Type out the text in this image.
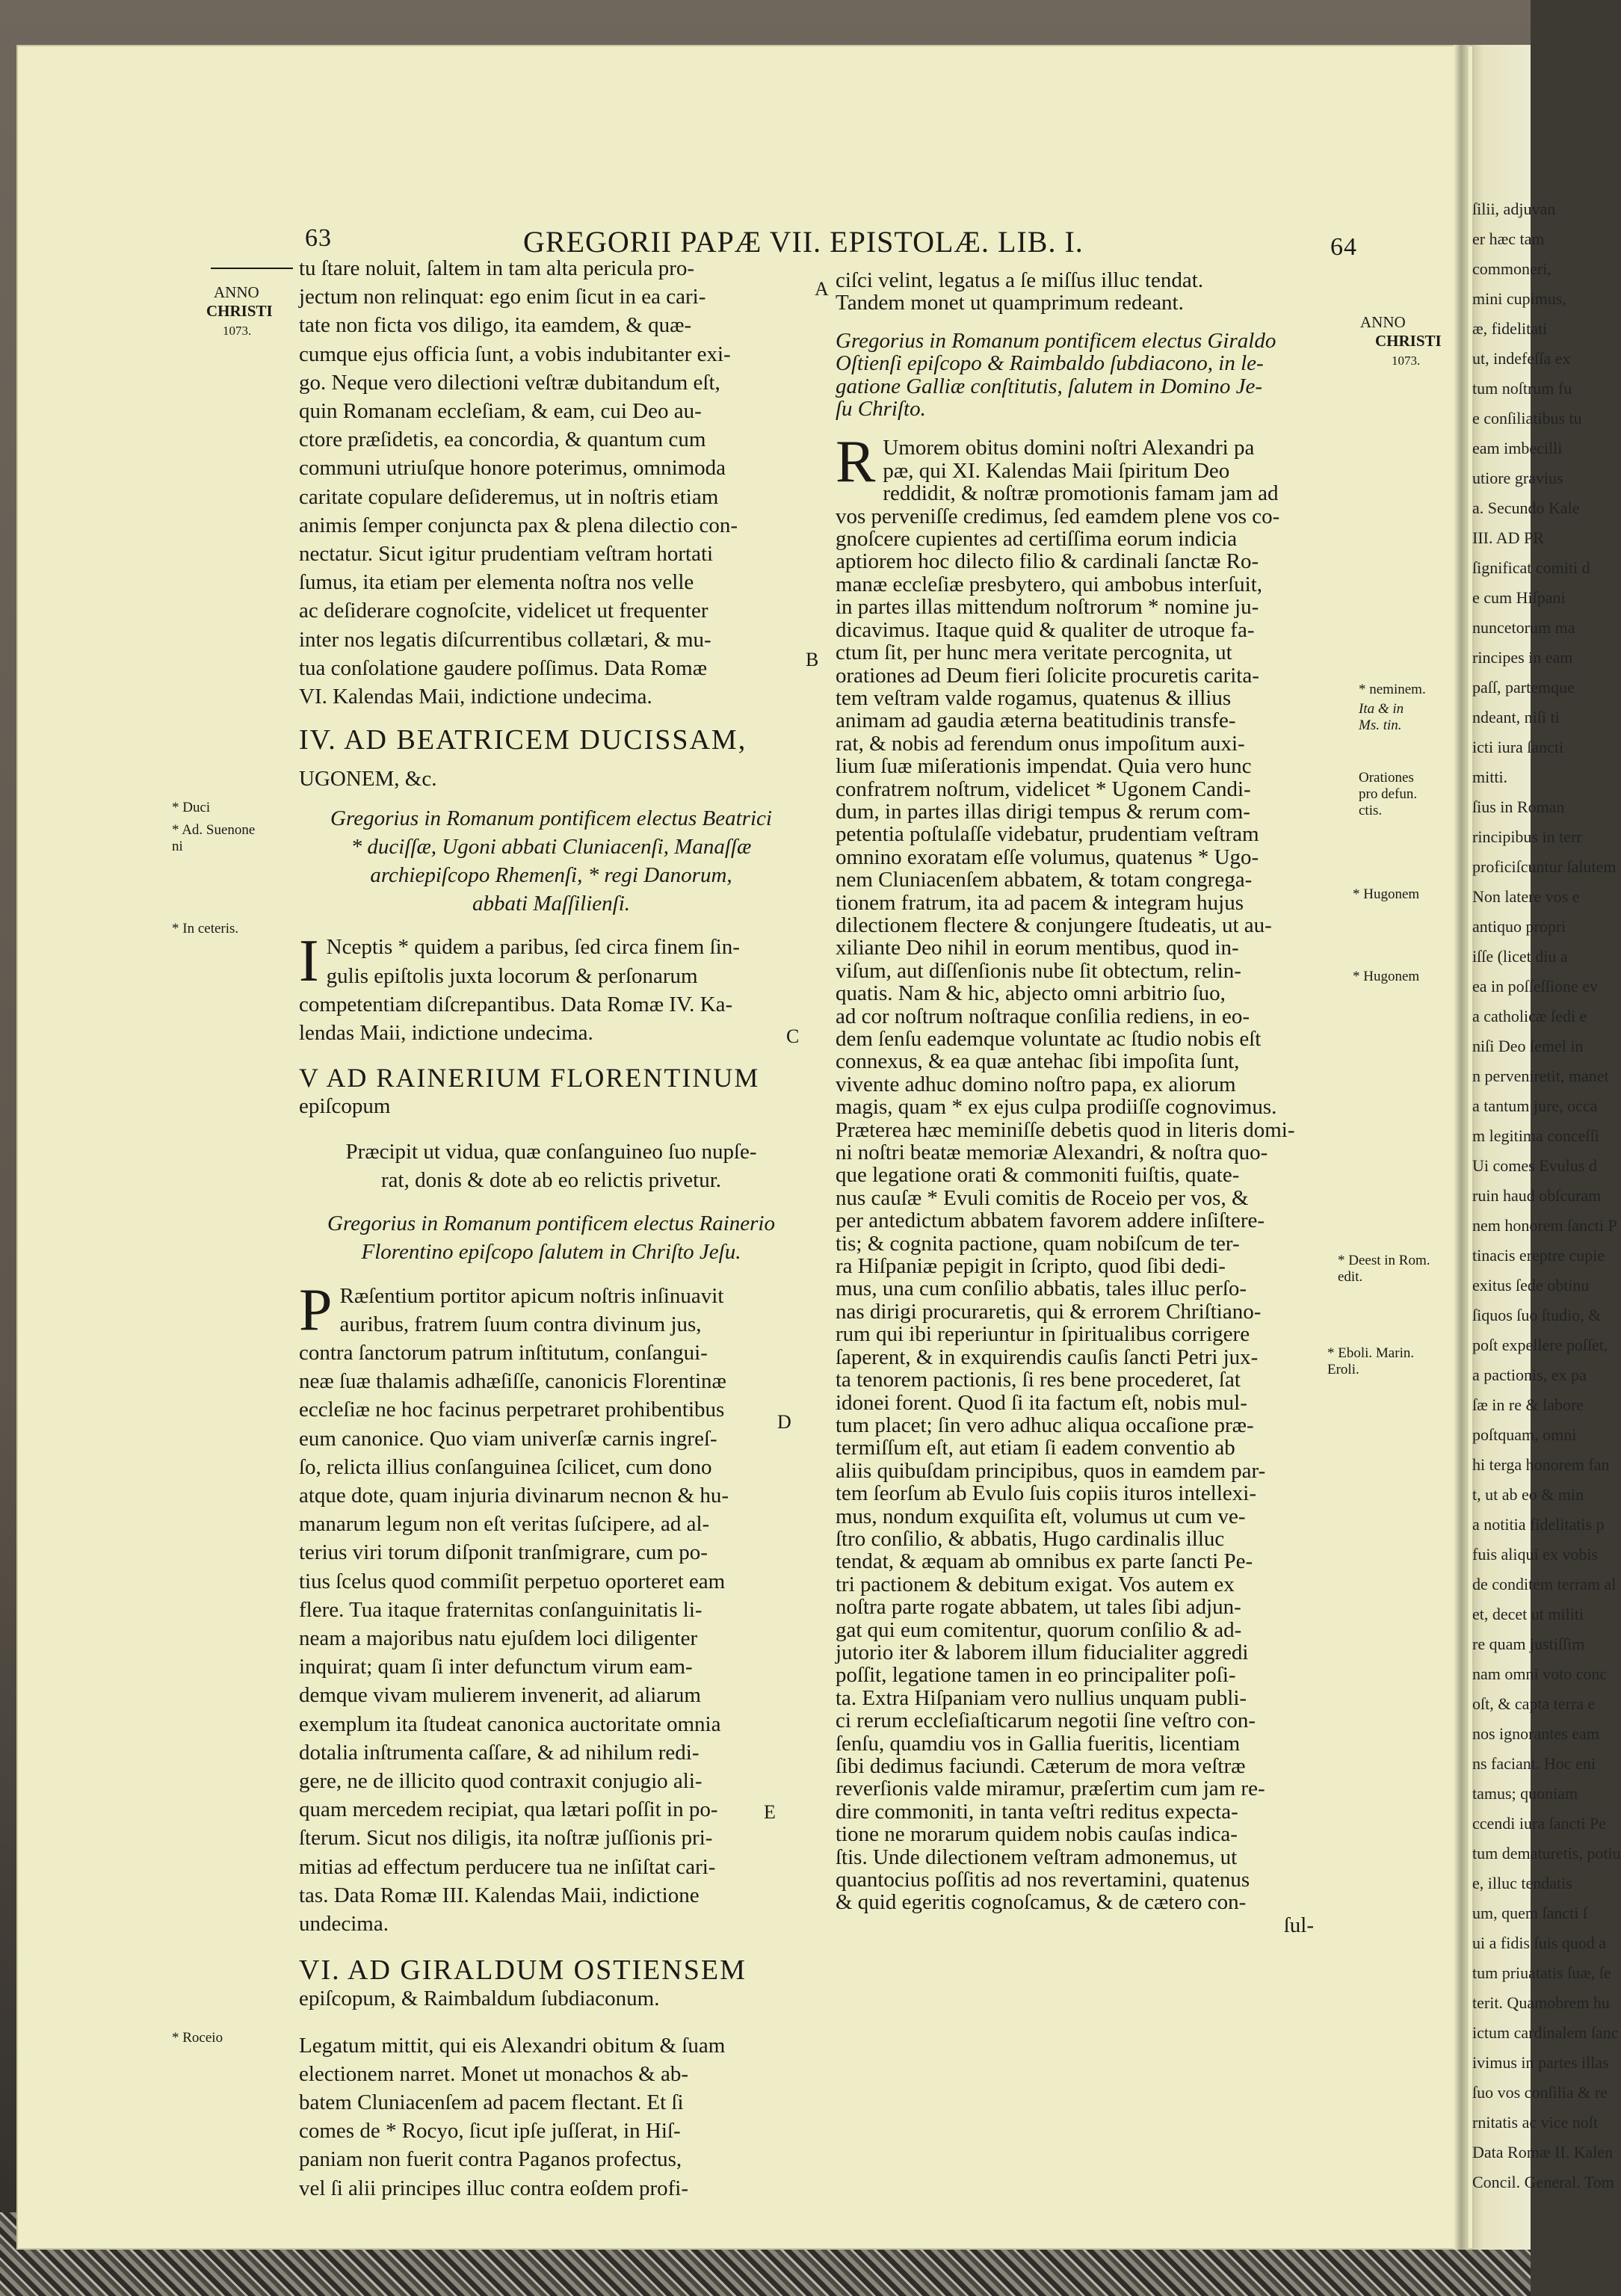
63	GREGORII PAPÆ VII. EPISTOLÆ. LIB. I.	64
ANNO
CHRISTI
1073.	ANNO
CHRISTI
1073.
* Duci
* Ad. Suenone ni
* In ceteris.
* Roceio
* neminem.
Ita & in Ms. tin.
Orationes pro defun. ctis.
* Hugonem
* Hugonem
* Deest in Rom. edit.
* Eboli. Marin. Eroli.
A
B
C
D
E
tu ſtare noluit, ſaltem in tam alta pericula pro-
jectum non relinquat: ego enim ſicut in ea cari-
tate non ficta vos diligo, ita eamdem, & quæ-
cumque ejus officia ſunt, a vobis indubitanter exi-
go. Neque vero dilectioni veſtræ dubitandum eſt,
quin Romanam eccleſiam, & eam, cui Deo au-
ctore præſidetis, ea concordia, & quantum cum
communi utriuſque honore poterimus, omnimoda
caritate copulare deſideremus, ut in noſtris etiam
animis ſemper conjuncta pax & plena dilectio con-
nectatur. Sicut igitur prudentiam veſtram hortati
ſumus, ita etiam per elementa noſtra nos velle
ac deſiderare cognoſcite, videlicet ut frequenter
inter nos legatis diſcurrentibus collætari, & mu-
tua conſolatione gaudere poſſimus. Data Romæ
VI. Kalendas Maii, indictione undecima.

IV. AD BEATRICEM DUCISSAM,

UGONEM, &c.

Gregorius in Romanum pontificem electus Beatrici
* duciſſæ, Ugoni abbati Cluniacenſi, Manaſſæ
archiepiſcopo Rhemenſi, * regi Danorum,
abbati Maſſilienſi.
I Nceptis * quidem a paribus, ſed circa finem ſin-
gulis epiſtolis juxta locorum & perſonarum
competentiam diſcrepantibus. Data Romæ IV. Ka-
lendas Maii, indictione undecima.

V AD RAINERIUM FLORENTINUM

epiſcopum

Præcipit ut vidua, quæ conſanguineo ſuo nupſe-
rat, donis & dote ab eo relictis privetur.
Gregorius in Romanum pontificem electus Rainerio
Florentino epiſcopo ſalutem in Chriſto Jeſu.
P Ræſentium portitor apicum noſtris inſinuavit
auribus, fratrem ſuum contra divinum jus,
contra ſanctorum patrum inſtitutum, conſangui-
neæ ſuæ thalamis adhæſiſſe, canonicis Florentinæ
eccleſiæ ne hoc facinus perpetraret prohibentibus
eum canonice. Quo viam univerſæ carnis ingreſ-
ſo, relicta illius conſanguinea ſcilicet, cum dono
atque dote, quam injuria divinarum necnon & hu-
manarum legum non eſt veritas ſuſcipere, ad al-
terius viri torum diſponit tranſmigrare, cum po-
tius ſcelus quod commiſit perpetuo oporteret eam
flere. Tua itaque fraternitas conſanguinitatis li-
neam a majoribus natu ejuſdem loci diligenter
inquirat; quam ſi inter defunctum virum eam-
demque vivam mulierem invenerit, ad aliarum
exemplum ita ſtudeat canonica auctoritate omnia
dotalia inſtrumenta caſſare, & ad nihilum redi-
gere, ne de illicito quod contraxit conjugio ali-
quam mercedem recipiat, qua lætari poſſit in po-
ſterum. Sicut nos diligis, ita noſtræ juſſionis pri-
mitias ad effectum perducere tua ne inſiſtat cari-
tas. Data Romæ III. Kalendas Maii, indictione
undecima.

VI. AD GIRALDUM OSTIENSEM

epiſcopum, & Raimbaldum ſubdiaconum.

Legatum mittit, qui eis Alexandri obitum & ſuam
electionem narret. Monet ut monachos & ab-
batem Cluniacenſem ad pacem flectant. Et ſi
comes de * Rocyo, ſicut ipſe juſſerat, in Hiſ-
paniam non fuerit contra Paganos profectus,
vel ſi alii principes illuc contra eoſdem profi-
ciſci velint, legatus a ſe miſſus illuc tendat.
Tandem monet ut quamprimum redeant.
Gregorius in Romanum pontificem electus Giraldo
Oſtienſi epiſcopo & Raimbaldo ſubdiacono, in le-
gatione Galliæ conſtitutis, ſalutem in Domino Je-
ſu Chriſto.
R Umorem obitus domini noſtri Alexandri pa
pæ, qui XI. Kalendas Maii ſpiritum Deo
reddidit, & noſtræ promotionis famam jam ad
vos perveniſſe credimus, ſed eamdem plene vos co-
gnoſcere cupientes ad certiſſima eorum indicia
aptiorem hoc dilecto filio & cardinali ſanctæ Ro-
manæ eccleſiæ presbytero, qui ambobus interſuit,
in partes illas mittendum noſtrorum * nomine ju-
dicavimus. Itaque quid & qualiter de utroque fa-
ctum ſit, per hunc mera veritate percognita, ut
orationes ad Deum fieri ſolicite procuretis carita-
tem veſtram valde rogamus, quatenus & illius
animam ad gaudia æterna beatitudinis transfe-
rat, & nobis ad ferendum onus impoſitum auxi-
lium ſuæ miſerationis impendat. Quia vero hunc
confratrem noſtrum, videlicet * Ugonem Candi-
dum, in partes illas dirigi tempus & rerum com-
petentia poſtulaſſe videbatur, prudentiam veſtram
omnino exoratam eſſe volumus, quatenus * Ugo-
nem Cluniacenſem abbatem, & totam congrega-
tionem fratrum, ita ad pacem & integram hujus
dilectionem flectere & conjungere ſtudeatis, ut au-
xiliante Deo nihil in eorum mentibus, quod in-
viſum, aut diſſenſionis nube ſit obtectum, relin-
quatis. Nam & hic, abjecto omni arbitrio ſuo,
ad cor noſtrum noſtraque conſilia rediens, in eo-
dem ſenſu eademque voluntate ac ſtudio nobis eſt
connexus, & ea quæ antehac ſibi impoſita ſunt,
vivente adhuc domino noſtro papa, ex aliorum
magis, quam * ex ejus culpa prodiiſſe cognovimus.
Præterea hæc meminiſſe debetis quod in literis domi-
ni noſtri beatæ memoriæ Alexandri, & noſtra quo-
que legatione orati & commoniti fuiſtis, quate-
nus cauſæ * Evuli comitis de Roceio per vos, &
per antedictum abbatem favorem addere inſiſtere-
tis; & cognita pactione, quam nobiſcum de ter-
ra Hiſpaniæ pepigit in ſcripto, quod ſibi dedi-
mus, una cum conſilio abbatis, tales illuc perſo-
nas dirigi procuraretis, qui & errorem Chriſtiano-
rum qui ibi reperiuntur in ſpiritualibus corrigere
ſaperent, & in exquirendis cauſis ſancti Petri jux-
ta tenorem pactionis, ſi res bene procederet, ſat
idonei forent. Quod ſi ita factum eſt, nobis mul-
tum placet; ſin vero adhuc aliqua occaſione præ-
termiſſum eſt, aut etiam ſi eadem conventio ab
aliis quibuſdam principibus, quos in eamdem par-
tem ſeorſum ab Evulo ſuis copiis ituros intellexi-
mus, nondum exquiſita eſt, volumus ut cum ve-
ſtro conſilio, & abbatis, Hugo cardinalis illuc
tendat, & æquam ab omnibus ex parte ſancti Pe-
tri pactionem & debitum exigat. Vos autem ex
noſtra parte rogate abbatem, ut tales ſibi adjun-
gat qui eum comitentur, quorum conſilio & ad-
jutorio iter & laborem illum fiducialiter aggredi
poſſit, legatione tamen in eo principaliter poſi-
ta. Extra Hiſpaniam vero nullius unquam publi-
ci rerum eccleſiaſticarum negotii ſine veſtro con-
ſenſu, quamdiu vos in Gallia fueritis, licentiam
ſibi dedimus faciundi. Cæterum de mora veſtræ
reverſionis valde miramur, præſertim cum jam re-
dire commoniti, in tanta veſtri reditus expecta-
tione ne morarum quidem nobis cauſas indica-
ſtis. Unde dilectionem veſtram admonemus, ut
quantocius poſſitis ad nos revertamini, quatenus
& quid egeritis cognoſcamus, & de cætero con-
ſul-
ſilii, adjuvan
er hæc tam
commoneri,
mini cupimus,
æ, fidelitati
ut, indefeſſa ex
tum noſtrum fu
e conſiliatibus tu
eam imbecilli
utiore gravius
a. Secundo Kale
III. AD PR
ſignificat comiti d
e cum Hiſpani
nuncetorum ma
rincipes in eam
paſſ, partemque
ndeant, niſi ti
icti iura ſancti
mitti.
ſius in Roman
rincipibus in terr
proficiſcuntur ſalutem
Non latere vos e
antiquo propri
iſſe (licet diu a
ea in poſſeſſione ev
a catholicæ ſedi e
niſi Deo ſemel in
n perveniretit, manet
a tantum jure, occa
m legitima conceſſi
Ui comes Evulus d
ruin haud obſcuram
nem honorem ſancti P
tinacis ereptre cupie
exitus ſede obtinu
ſiquos ſuo ſtudio, &
poſt expellere poſſet,
a pactionis, ex pa
ſæ in re & labore
poſtquam, omni
hi terga honorem fan
t, ut ab eo & min
a notitia fidelitatis p
fuis aliqui ex vobis
de conditem terram al
et, decet ut militi
re quam justiſſim
nam omni voto conc
oſt, & capta terra e
nos ignorantes eam
ns faciant. Hoc eni
tamus; quoniam
ccendi iura ſancti Pe
tum dematuretis, potiu
e, illuc tendatis
um, quem ſancti ſ
ui a fidis ſuis quod a
tum priuatatis ſuæ, ſe
terit. Quamobrem hu
ictum cardinalem ſanc
ivimus in partes illas
ſuo vos conſilia & re
rnitatis ac vice noſt
Data Romæ II. Kalen
Concil. General. Tom
